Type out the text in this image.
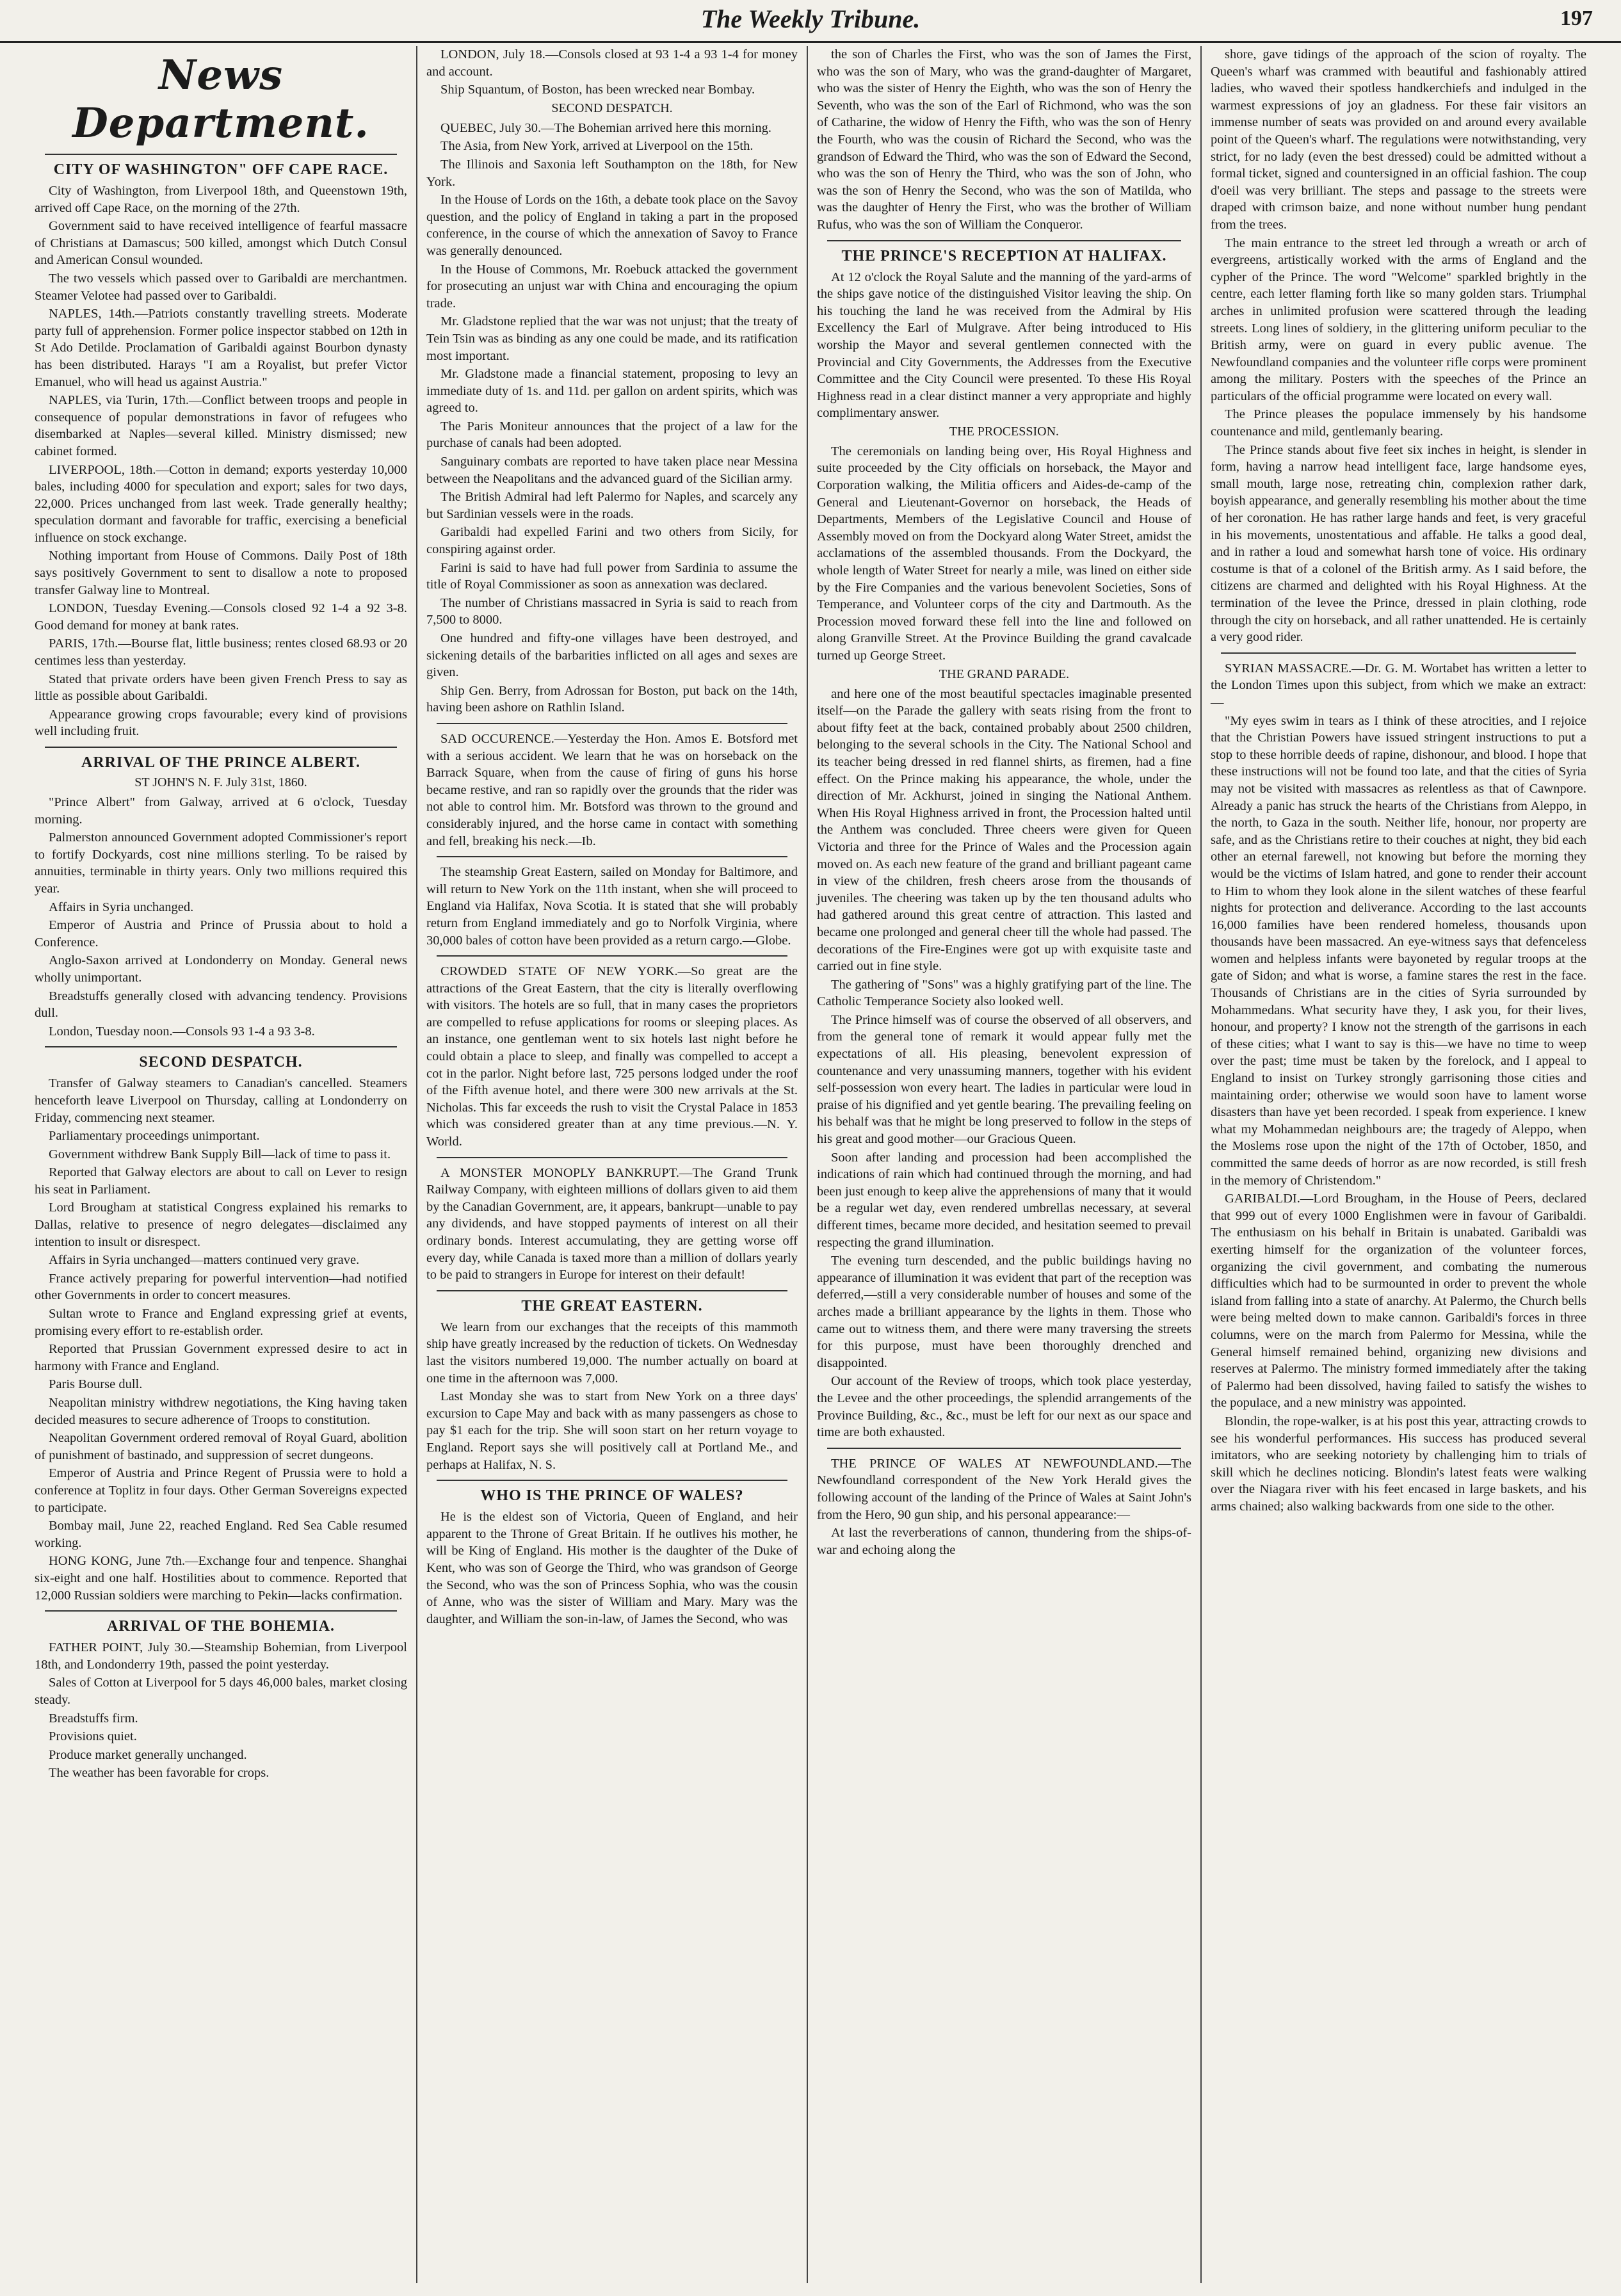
The Weekly Tribune.	197
News Department.
CITY OF WASHINGTON" OFF CAPE RACE.

City of Washington, from Liverpool 18th, and Queenstown 19th, arrived off Cape Race, on the morning of the 27th.

Government said to have received intelligence of fearful massacre of Christians at Damascus; 500 killed, amongst which Dutch Consul and American Consul wounded.

The two vessels which passed over to Garibaldi are merchantmen. Steamer Velotee had passed over to Garibaldi.

NAPLES, 14th.—Patriots constantly travelling streets. Moderate party full of apprehension. Former police inspector stabbed on 12th in St Ado Detilde. Proclamation of Garibaldi against Bourbon dynasty has been distributed. Harays "I am a Royalist, but prefer Victor Emanuel, who will head us against Austria."

NAPLES, via Turin, 17th.—Conflict between troops and people in consequence of popular demonstrations in favor of refugees who disembarked at Naples—several killed. Ministry dismissed; new cabinet formed.

LIVERPOOL, 18th.—Cotton in demand; exports yesterday 10,000 bales, including 4000 for speculation and export; sales for two days, 22,000. Prices unchanged from last week. Trade generally healthy; speculation dormant and favorable for traffic, exercising a beneficial influence on stock exchange.

Nothing important from House of Commons. Daily Post of 18th says positively Government to sent to disallow a note to proposed transfer Galway line to Montreal.

LONDON, Tuesday Evening.—Consols closed 92 1-4 a 92 3-8. Good demand for money at bank rates.

PARIS, 17th.—Bourse flat, little business; rentes closed 68.93 or 20 centimes less than yesterday.

Stated that private orders have been given French Press to say as little as possible about Garibaldi.

Appearance growing crops favourable; every kind of provisions well including fruit.

ARRIVAL OF THE PRINCE ALBERT.
ST JOHN'S N. F. July 31st, 1860.

"Prince Albert" from Galway, arrived at 6 o'clock, Tuesday morning.

Palmerston announced Government adopted Commissioner's report to fortify Dockyards, cost nine millions sterling. To be raised by annuities, terminable in thirty years. Only two millions required this year.

Affairs in Syria unchanged.

Emperor of Austria and Prince of Prussia about to hold a Conference.

Anglo-Saxon arrived at Londonderry on Monday. General news wholly unimportant.

Breadstuffs generally closed with advancing tendency. Provisions dull.

London, Tuesday noon.—Consols 93 1-4 a 93 3-8.

SECOND DESPATCH.

Transfer of Galway steamers to Canadian's cancelled. Steamers henceforth leave Liverpool on Thursday, calling at Londonderry on Friday, commencing next steamer.

Parliamentary proceedings unimportant.

Government withdrew Bank Supply Bill—lack of time to pass it.

Reported that Galway electors are about to call on Lever to resign his seat in Parliament.

Lord Brougham at statistical Congress explained his remarks to Dallas, relative to presence of negro delegates—disclaimed any intention to insult or disrespect.

Affairs in Syria unchanged—matters continued very grave.

France actively preparing for powerful intervention—had notified other Governments in order to concert measures.

Sultan wrote to France and England expressing grief at events, promising every effort to re-establish order.

Reported that Prussian Government expressed desire to act in harmony with France and England.

Paris Bourse dull.

Neapolitan ministry withdrew negotiations, the King having taken decided measures to secure adherence of Troops to constitution.

Neapolitan Government ordered removal of Royal Guard, abolition of punishment of bastinado, and suppression of secret dungeons.

Emperor of Austria and Prince Regent of Prussia were to hold a conference at Toplitz in four days. Other German Sovereigns expected to participate.

Bombay mail, June 22, reached England. Red Sea Cable resumed working.

HONG KONG, June 7th.—Exchange four and tenpence. Shanghai six-eight and one half. Hostilities about to commence. Reported that 12,000 Russian soldiers were marching to Pekin—lacks confirmation.

ARRIVAL OF THE BOHEMIA.

FATHER POINT, July 30.—Steamship Bohemian, from Liverpool 18th, and Londonderry 19th, passed the point yesterday.

Sales of Cotton at Liverpool for 5 days 46,000 bales, market closing steady.

Breadstuffs firm.

Provisions quiet.

Produce market generally unchanged.

The weather has been favorable for crops.

LONDON, July 18.—Consols closed at 93 1-4 a 93 1-4 for money and account.

Ship Squantum, of Boston, has been wrecked near Bombay.

SECOND DESPATCH.

QUEBEC, July 30.—The Bohemian arrived here this morning.

The Asia, from New York, arrived at Liverpool on the 15th.

The Illinois and Saxonia left Southampton on the 18th, for New York.

In the House of Lords on the 16th, a debate took place on the Savoy question, and the policy of England in taking a part in the proposed conference, in the course of which the annexation of Savoy to France was generally denounced.

In the House of Commons, Mr. Roebuck attacked the government for prosecuting an unjust war with China and encouraging the opium trade.

Mr. Gladstone replied that the war was not unjust; that the treaty of Tein Tsin was as binding as any one could be made, and its ratification most important.

Mr. Gladstone made a financial statement, proposing to levy an immediate duty of 1s. and 11d. per gallon on ardent spirits, which was agreed to.

The Paris Moniteur announces that the project of a law for the purchase of canals had been adopted.

Sanguinary combats are reported to have taken place near Messina between the Neapolitans and the advanced guard of the Sicilian army.

The British Admiral had left Palermo for Naples, and scarcely any but Sardinian vessels were in the roads.

Garibaldi had expelled Farini and two others from Sicily, for conspiring against order.

Farini is said to have had full power from Sardinia to assume the title of Royal Commissioner as soon as annexation was declared.

The number of Christians massacred in Syria is said to reach from 7,500 to 8000.

One hundred and fifty-one villages have been destroyed, and sickening details of the barbarities inflicted on all ages and sexes are given.

Ship Gen. Berry, from Adrossan for Boston, put back on the 14th, having been ashore on Rathlin Island.

SAD OCCURENCE.—Yesterday the Hon. Amos E. Botsford met with a serious accident. We learn that he was on horseback on the Barrack Square, when from the cause of firing of guns his horse became restive, and ran so rapidly over the grounds that the rider was not able to control him. Mr. Botsford was thrown to the ground and considerably injured, and the horse came in contact with something and fell, breaking his neck.—Ib.

The steamship Great Eastern, sailed on Monday for Baltimore, and will return to New York on the 11th instant, when she will proceed to England via Halifax, Nova Scotia. It is stated that she will probably return from England immediately and go to Norfolk Virginia, where 30,000 bales of cotton have been provided as a return cargo.—Globe.

CROWDED STATE OF NEW YORK.—So great are the attractions of the Great Eastern, that the city is literally overflowing with visitors. The hotels are so full, that in many cases the proprietors are compelled to refuse applications for rooms or sleeping places. As an instance, one gentleman went to six hotels last night before he could obtain a place to sleep, and finally was compelled to accept a cot in the parlor. Night before last, 725 persons lodged under the roof of the Fifth avenue hotel, and there were 300 new arrivals at the St. Nicholas. This far exceeds the rush to visit the Crystal Palace in 1853 which was considered greater than at any time previous.—N. Y. World.

A MONSTER MONOPLY BANKRUPT.—The Grand Trunk Railway Company, with eighteen millions of dollars given to aid them by the Canadian Government, are, it appears, bankrupt—unable to pay any dividends, and have stopped payments of interest on all their ordinary bonds. Interest accumulating, they are getting worse off every day, while Canada is taxed more than a million of dollars yearly to be paid to strangers in Europe for interest on their default!

THE GREAT EASTERN.

We learn from our exchanges that the receipts of this mammoth ship have greatly increased by the reduction of tickets. On Wednesday last the visitors numbered 19,000. The number actually on board at one time in the afternoon was 7,000.

Last Monday she was to start from New York on a three days' excursion to Cape May and back with as many passengers as chose to pay $1 each for the trip. She will soon start on her return voyage to England. Report says she will positively call at Portland Me., and perhaps at Halifax, N. S.

WHO IS THE PRINCE OF WALES?

He is the eldest son of Victoria, Queen of England, and heir apparent to the Throne of Great Britain. If he outlives his mother, he will be King of England. His mother is the daughter of the Duke of Kent, who was son of George the Third, who was grandson of George the Second, who was the son of Princess Sophia, who was the cousin of Anne, who was the sister of William and Mary. Mary was the daughter, and William the son-in-law, of James the Second, who was

the son of Charles the First, who was the son of James the First, who was the son of Mary, who was the grand-daughter of Margaret, who was the sister of Henry the Eighth, who was the son of Henry the Seventh, who was the son of the Earl of Richmond, who was the son of Catharine, the widow of Henry the Fifth, who was the son of Henry the Fourth, who was the cousin of Richard the Second, who was the grandson of Edward the Third, who was the son of Edward the Second, who was the son of Henry the Third, who was the son of John, who was the son of Henry the Second, who was the son of Matilda, who was the daughter of Henry the First, who was the brother of William Rufus, who was the son of William the Conqueror.

THE PRINCE'S RECEPTION AT HALIFAX.

At 12 o'clock the Royal Salute and the manning of the yard-arms of the ships gave notice of the distinguished Visitor leaving the ship. On his touching the land he was received from the Admiral by His Excellency the Earl of Mulgrave. After being introduced to His worship the Mayor and several gentlemen connected with the Provincial and City Governments, the Addresses from the Executive Committee and the City Council were presented. To these His Royal Highness read in a clear distinct manner a very appropriate and highly complimentary answer.

THE PROCESSION.

The ceremonials on landing being over, His Royal Highness and suite proceeded by the City officials on horseback, the Mayor and Corporation walking, the Militia officers and Aides-de-camp of the General and Lieutenant-Governor on horseback, the Heads of Departments, Members of the Legislative Council and House of Assembly moved on from the Dockyard along Water Street, amidst the acclamations of the assembled thousands. From the Dockyard, the whole length of Water Street for nearly a mile, was lined on either side by the Fire Companies and the various benevolent Societies, Sons of Temperance, and Volunteer corps of the city and Dartmouth. As the Procession moved forward these fell into the line and followed on along Granville Street. At the Province Building the grand cavalcade turned up George Street.

THE GRAND PARADE.

and here one of the most beautiful spectacles imaginable presented itself—on the Parade the gallery with seats rising from the front to about fifty feet at the back, contained probably about 2500 children, belonging to the several schools in the City. The National School and its teacher being dressed in red flannel shirts, as firemen, had a fine effect. On the Prince making his appearance, the whole, under the direction of Mr. Ackhurst, joined in singing the National Anthem. When His Royal Highness arrived in front, the Procession halted until the Anthem was concluded. Three cheers were given for Queen Victoria and three for the Prince of Wales and the Procession again moved on. As each new feature of the grand and brilliant pageant came in view of the children, fresh cheers arose from the thousands of juveniles. The cheering was taken up by the ten thousand adults who had gathered around this great centre of attraction. This lasted and became one prolonged and general cheer till the whole had passed. The decorations of the Fire-Engines were got up with exquisite taste and carried out in fine style.

The gathering of "Sons" was a highly gratifying part of the line. The Catholic Temperance Society also looked well.

The Prince himself was of course the observed of all observers, and from the general tone of remark it would appear fully met the expectations of all. His pleasing, benevolent expression of countenance and very unassuming manners, together with his evident self-possession won every heart. The ladies in particular were loud in praise of his dignified and yet gentle bearing. The prevailing feeling on his behalf was that he might be long preserved to follow in the steps of his great and good mother—our Gracious Queen.

Soon after landing and procession had been accomplished the indications of rain which had continued through the morning, and had been just enough to keep alive the apprehensions of many that it would be a regular wet day, even rendered umbrellas necessary, at several different times, became more decided, and hesitation seemed to prevail respecting the grand illumination.

The evening turn descended, and the public buildings having no appearance of illumination it was evident that part of the reception was deferred,—still a very considerable number of houses and some of the arches made a brilliant appearance by the lights in them. Those who came out to witness them, and there were many traversing the streets for this purpose, must have been thoroughly drenched and disappointed.

Our account of the Review of troops, which took place yesterday, the Levee and the other proceedings, the splendid arrangements of the Province Building, &c., &c., must be left for our next as our space and time are both exhausted.

THE PRINCE OF WALES AT NEWFOUNDLAND.—The Newfoundland correspondent of the New York Herald gives the following account of the landing of the Prince of Wales at Saint John's from the Hero, 90 gun ship, and his personal appearance:—

At last the reverberations of cannon, thundering from the ships-of-war and echoing along the

shore, gave tidings of the approach of the scion of royalty. The Queen's wharf was crammed with beautiful and fashionably attired ladies, who waved their spotless handkerchiefs and indulged in the warmest expressions of joy an gladness. For these fair visitors an immense number of seats was provided on and around every available point of the Queen's wharf. The regulations were notwithstanding, very strict, for no lady (even the best dressed) could be admitted without a formal ticket, signed and countersigned in an official fashion. The coup d'oeil was very brilliant. The steps and passage to the streets were draped with crimson baize, and none without number hung pendant from the trees.

The main entrance to the street led through a wreath or arch of evergreens, artistically worked with the arms of England and the cypher of the Prince. The word "Welcome" sparkled brightly in the centre, each letter flaming forth like so many golden stars. Triumphal arches in unlimited profusion were scattered through the leading streets. Long lines of soldiery, in the glittering uniform peculiar to the British army, were on guard in every public avenue. The Newfoundland companies and the volunteer rifle corps were prominent among the military. Posters with the speeches of the Prince an particulars of the official programme were located on every wall.

The Prince pleases the populace immensely by his handsome countenance and mild, gentlemanly bearing.

The Prince stands about five feet six inches in height, is slender in form, having a narrow head intelligent face, large handsome eyes, small mouth, large nose, retreating chin, complexion rather dark, boyish appearance, and generally resembling his mother about the time of her coronation. He has rather large hands and feet, is very graceful in his movements, unostentatious and affable. He talks a good deal, and in rather a loud and somewhat harsh tone of voice. His ordinary costume is that of a colonel of the British army. As I said before, the citizens are charmed and delighted with his Royal Highness. At the termination of the levee the Prince, dressed in plain clothing, rode through the city on horseback, and all rather unattended. He is certainly a very good rider.

SYRIAN MASSACRE.—Dr. G. M. Wortabet has written a letter to the London Times upon this subject, from which we make an extract:—

"My eyes swim in tears as I think of these atrocities, and I rejoice that the Christian Powers have issued stringent instructions to put a stop to these horrible deeds of rapine, dishonour, and blood. I hope that these instructions will not be found too late, and that the cities of Syria may not be visited with massacres as relentless as that of Cawnpore. Already a panic has struck the hearts of the Christians from Aleppo, in the north, to Gaza in the south. Neither life, honour, nor property are safe, and as the Christians retire to their couches at night, they bid each other an eternal farewell, not knowing but before the morning they would be the victims of Islam hatred, and gone to render their account to Him to whom they look alone in the silent watches of these fearful nights for protection and deliverance. According to the last accounts 16,000 families have been rendered homeless, thousands upon thousands have been massacred. An eye-witness says that defenceless women and helpless infants were bayoneted by regular troops at the gate of Sidon; and what is worse, a famine stares the rest in the face. Thousands of Christians are in the cities of Syria surrounded by Mohammedans. What security have they, I ask you, for their lives, honour, and property? I know not the strength of the garrisons in each of these cities; what I want to say is this—we have no time to weep over the past; time must be taken by the forelock, and I appeal to England to insist on Turkey strongly garrisoning those cities and maintaining order; otherwise we would soon have to lament worse disasters than have yet been recorded. I speak from experience. I knew what my Mohammedan neighbours are; the tragedy of Aleppo, when the Moslems rose upon the night of the 17th of October, 1850, and committed the same deeds of horror as are now recorded, is still fresh in the memory of Christendom."

GARIBALDI.—Lord Brougham, in the House of Peers, declared that 999 out of every 1000 Englishmen were in favour of Garibaldi. The enthusiasm on his behalf in Britain is unabated. Garibaldi was exerting himself for the organization of the volunteer forces, organizing the civil government, and combating the numerous difficulties which had to be surmounted in order to prevent the whole island from falling into a state of anarchy. At Palermo, the Church bells were being melted down to make cannon. Garibaldi's forces in three columns, were on the march from Palermo for Messina, while the General himself remained behind, organizing new divisions and reserves at Palermo. The ministry formed immediately after the taking of Palermo had been dissolved, having failed to satisfy the wishes to the populace, and a new ministry was appointed.

Blondin, the rope-walker, is at his post this year, attracting crowds to see his wonderful performances. His success has produced several imitators, who are seeking notoriety by challenging him to trials of skill which he declines noticing. Blondin's latest feats were walking over the Niagara river with his feet encased in large baskets, and his arms chained; also walking backwards from one side to the other.
